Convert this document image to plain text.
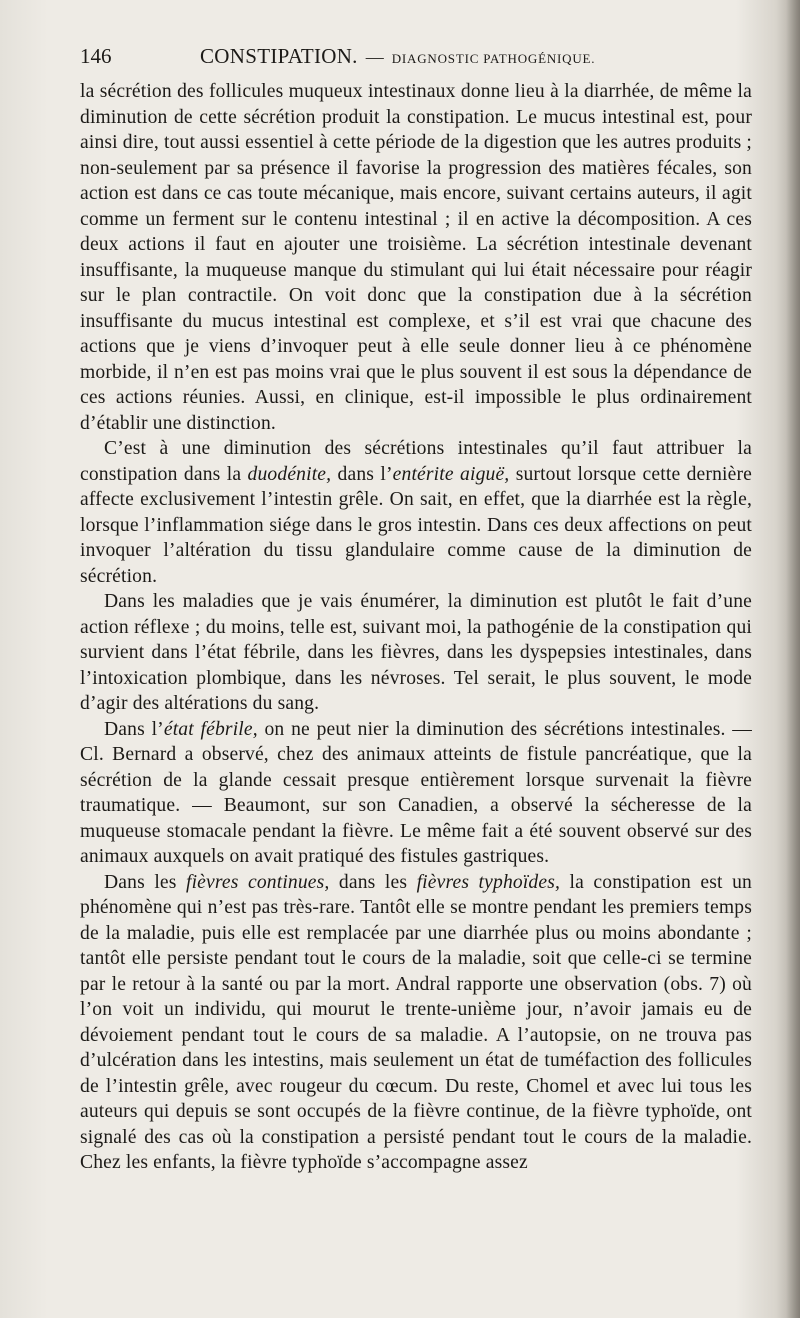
146	CONSTIPATION. — DIAGNOSTIC PATHOGÉNIQUE.

la sécrétion des follicules muqueux intestinaux donne lieu à la diarrhée, de même la diminution de cette sécrétion produit la constipation. Le mucus intestinal est, pour ainsi dire, tout aussi essentiel à cette période de la digestion que les autres produits ; non-seulement par sa présence il favorise la progression des matières fécales, son action est dans ce cas toute mécanique, mais encore, suivant certains auteurs, il agit comme un ferment sur le contenu intestinal ; il en active la décomposition. A ces deux actions il faut en ajouter une troisième. La sécrétion intestinale devenant insuffisante, la muqueuse manque du stimulant qui lui était nécessaire pour réagir sur le plan contractile. On voit donc que la constipation due à la sécrétion insuffisante du mucus intestinal est complexe, et s’il est vrai que chacune des actions que je viens d’invoquer peut à elle seule donner lieu à ce phénomène morbide, il n’en est pas moins vrai que le plus souvent il est sous la dépendance de ces actions réunies. Aussi, en clinique, est-il impossible le plus ordinairement d’établir une distinction.

C’est à une diminution des sécrétions intestinales qu’il faut attribuer la constipation dans la duodénite, dans l’entérite aiguë, surtout lorsque cette dernière affecte exclusivement l’intestin grêle. On sait, en effet, que la diarrhée est la règle, lorsque l’inflammation siége dans le gros intestin. Dans ces deux affections on peut invoquer l’altération du tissu glandulaire comme cause de la diminution de sécrétion.

Dans les maladies que je vais énumérer, la diminution est plutôt le fait d’une action réflexe ; du moins, telle est, suivant moi, la pathogénie de la constipation qui survient dans l’état fébrile, dans les fièvres, dans les dyspepsies intestinales, dans l’intoxication plombique, dans les névroses. Tel serait, le plus souvent, le mode d’agir des altérations du sang.

Dans l’état fébrile, on ne peut nier la diminution des sécrétions intestinales. — Cl. Bernard a observé, chez des animaux atteints de fistule pancréatique, que la sécrétion de la glande cessait presque entièrement lorsque survenait la fièvre traumatique. — Beaumont, sur son Canadien, a observé la sécheresse de la muqueuse stomacale pendant la fièvre. Le même fait a été souvent observé sur des animaux auxquels on avait pratiqué des fistules gastriques.

Dans les fièvres continues, dans les fièvres typhoïdes, la constipation est un phénomène qui n’est pas très-rare. Tantôt elle se montre pendant les premiers temps de la maladie, puis elle est remplacée par une diarrhée plus ou moins abondante ; tantôt elle persiste pendant tout le cours de la maladie, soit que celle-ci se termine par le retour à la santé ou par la mort. Andral rapporte une observation (obs. 7) où l’on voit un individu, qui mourut le trente-unième jour, n’avoir jamais eu de dévoiement pendant tout le cours de sa maladie. A l’autopsie, on ne trouva pas d’ulcération dans les intestins, mais seulement un état de tuméfaction des follicules de l’intestin grêle, avec rougeur du cœcum. Du reste, Chomel et avec lui tous les auteurs qui depuis se sont occupés de la fièvre continue, de la fièvre typhoïde, ont signalé des cas où la constipation a persisté pendant tout le cours de la maladie. Chez les enfants, la fièvre typhoïde s’accompagne assez
